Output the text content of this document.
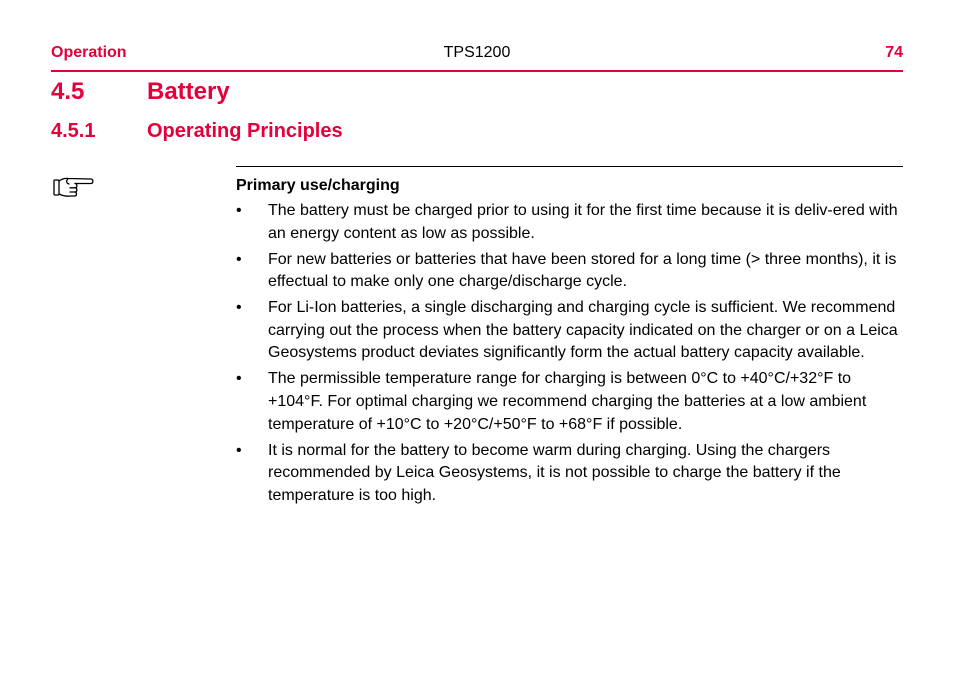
Operation	TPS1200	74
4.5	Battery
4.5.1	Operating Principles
Primary use/charging
• The battery must be charged prior to using it for the first time because it is deliv-ered with an energy content as low as possible.
• For new batteries or batteries that have been stored for a long time (> three months), it is effectual to make only one charge/discharge cycle.
• For Li-Ion batteries, a single discharging and charging cycle is sufficient. We recommend carrying out the process when the battery capacity indicated on the charger or on a Leica Geosystems product deviates significantly form the actual battery capacity available.
• The permissible temperature range for charging is between 0°C to +40°C/+32°F to +104°F. For optimal charging we recommend charging the batteries at a low ambient temperature of +10°C to +20°C/+50°F to +68°F if possible.
• It is normal for the battery to become warm during charging. Using the chargers recommended by Leica Geosystems, it is not possible to charge the battery if the temperature is too high.
